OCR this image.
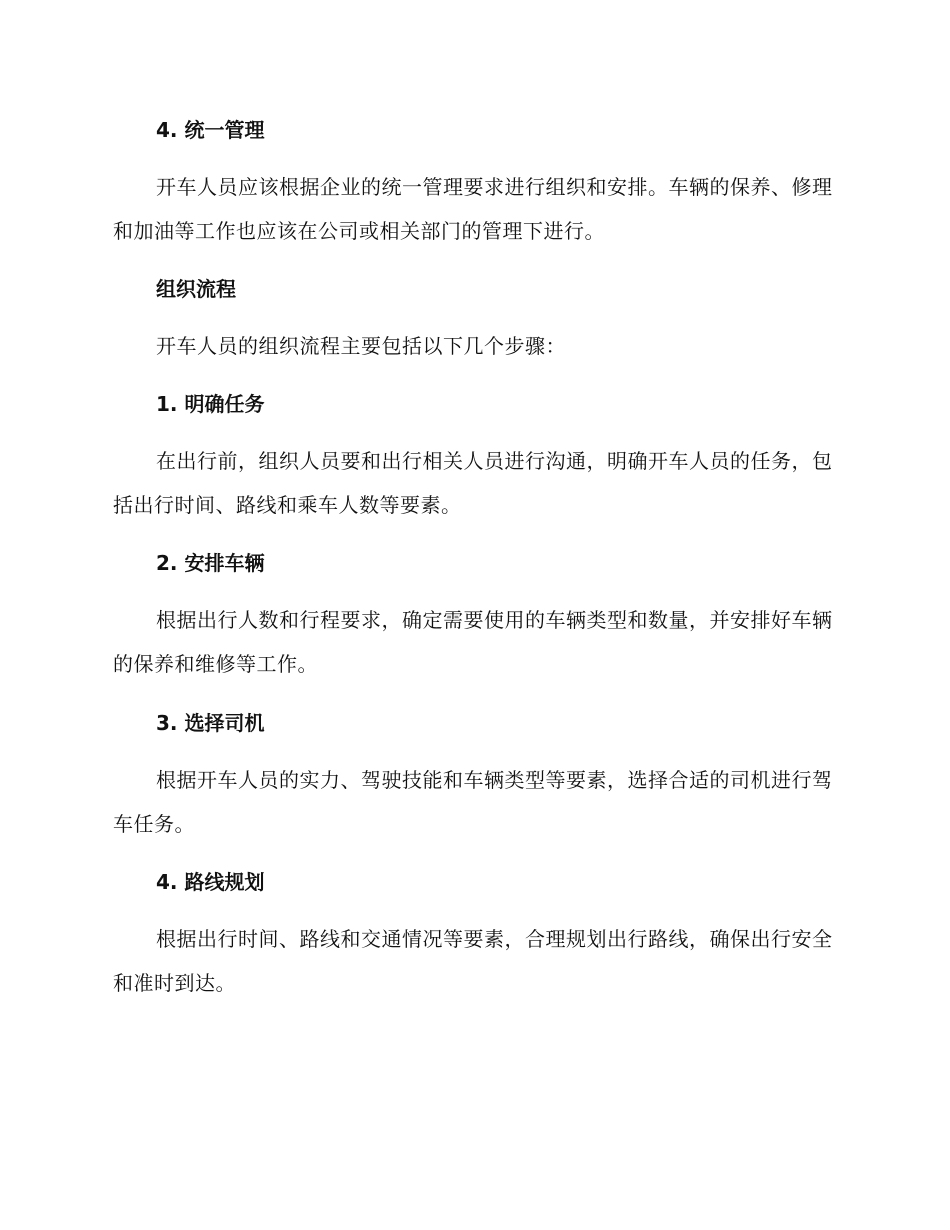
4. 统一管理

开车人员应该根据企业的统一管理要求进行组织和安排。车辆的保养、修理和加油等工作也应该在公司或相关部门的管理下进行。

组织流程

开车人员的组织流程主要包括以下几个步骤：

1. 明确任务

在出行前，组织人员要和出行相关人员进行沟通，明确开车人员的任务，包括出行时间、路线和乘车人数等要素。

2. 安排车辆

根据出行人数和行程要求，确定需要使用的车辆类型和数量，并安排好车辆的保养和维修等工作。

3. 选择司机

根据开车人员的实力、驾驶技能和车辆类型等要素，选择合适的司机进行驾车任务。

4. 路线规划

根据出行时间、路线和交通情况等要素，合理规划出行路线，确保出行安全和准时到达。
